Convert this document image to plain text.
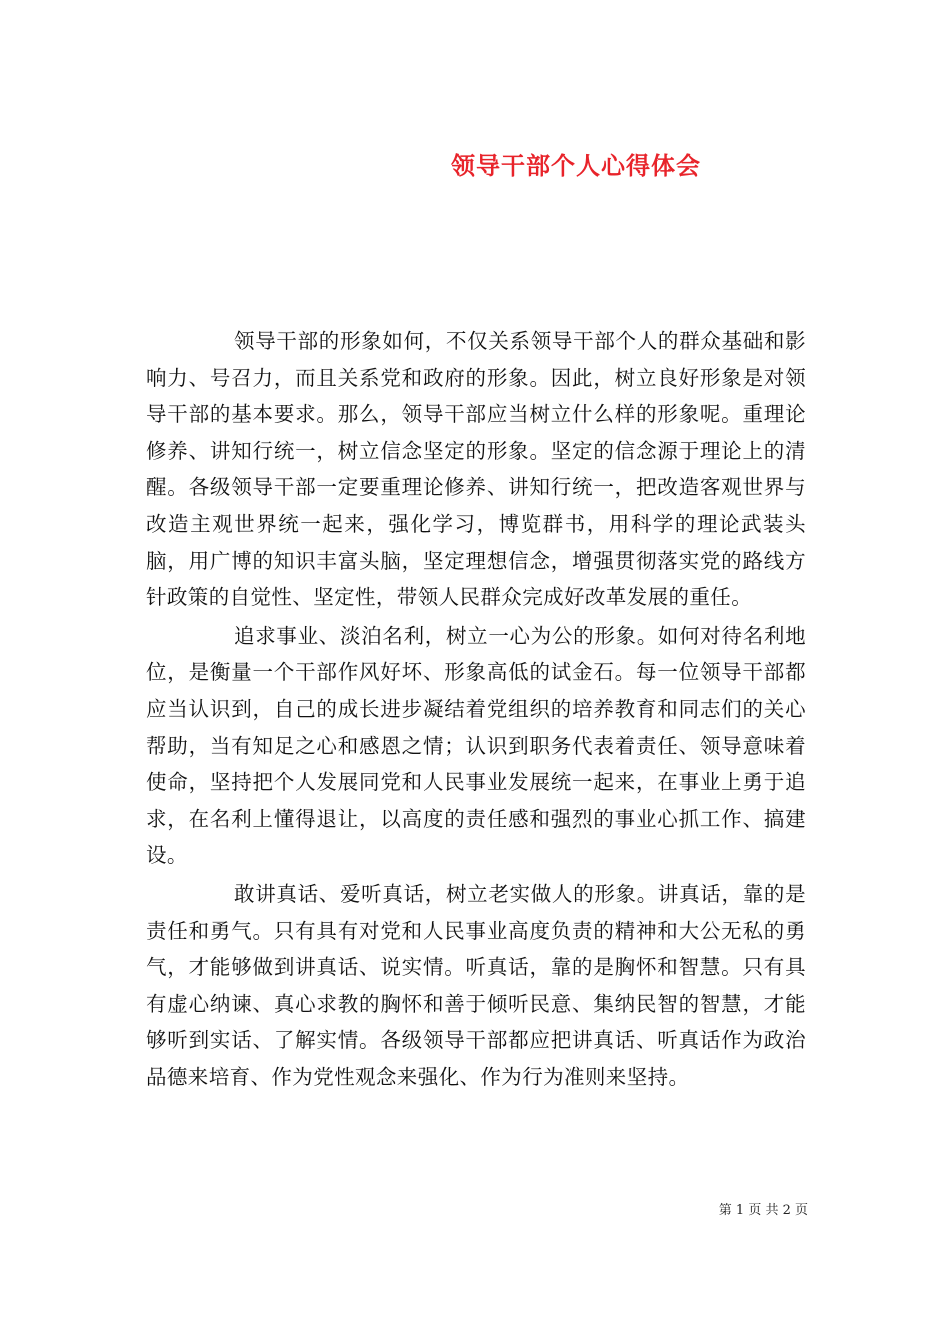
领导干部个人心得体会

领导干部的形象如何，不仅关系领导干部个人的群众基础和影响力、号召力，而且关系党和政府的形象。因此，树立良好形象是对领导干部的基本要求。那么，领导干部应当树立什么样的形象呢。重理论修养、讲知行统一，树立信念坚定的形象。坚定的信念源于理论上的清醒。各级领导干部一定要重理论修养、讲知行统一，把改造客观世界与改造主观世界统一起来，强化学习，博览群书，用科学的理论武装头脑，用广博的知识丰富头脑，坚定理想信念，增强贯彻落实党的路线方针政策的自觉性、坚定性，带领人民群众完成好改革发展的重任。

追求事业、淡泊名利，树立一心为公的形象。如何对待名利地位，是衡量一个干部作风好坏、形象高低的试金石。每一位领导干部都应当认识到，自己的成长进步凝结着党组织的培养教育和同志们的关心帮助，当有知足之心和感恩之情；认识到职务代表着责任、领导意味着使命，坚持把个人发展同党和人民事业发展统一起来，在事业上勇于追求，在名利上懂得退让，以高度的责任感和强烈的事业心抓工作、搞建设。

敢讲真话、爱听真话，树立老实做人的形象。讲真话，靠的是责任和勇气。只有具有对党和人民事业高度负责的精神和大公无私的勇气，才能够做到讲真话、说实情。听真话，靠的是胸怀和智慧。只有具有虚心纳谏、真心求教的胸怀和善于倾听民意、集纳民智的智慧，才能够听到实话、了解实情。各级领导干部都应把讲真话、听真话作为政治品德来培育、作为党性观念来强化、作为行为准则来坚持。

第 1 页 共 2 页
